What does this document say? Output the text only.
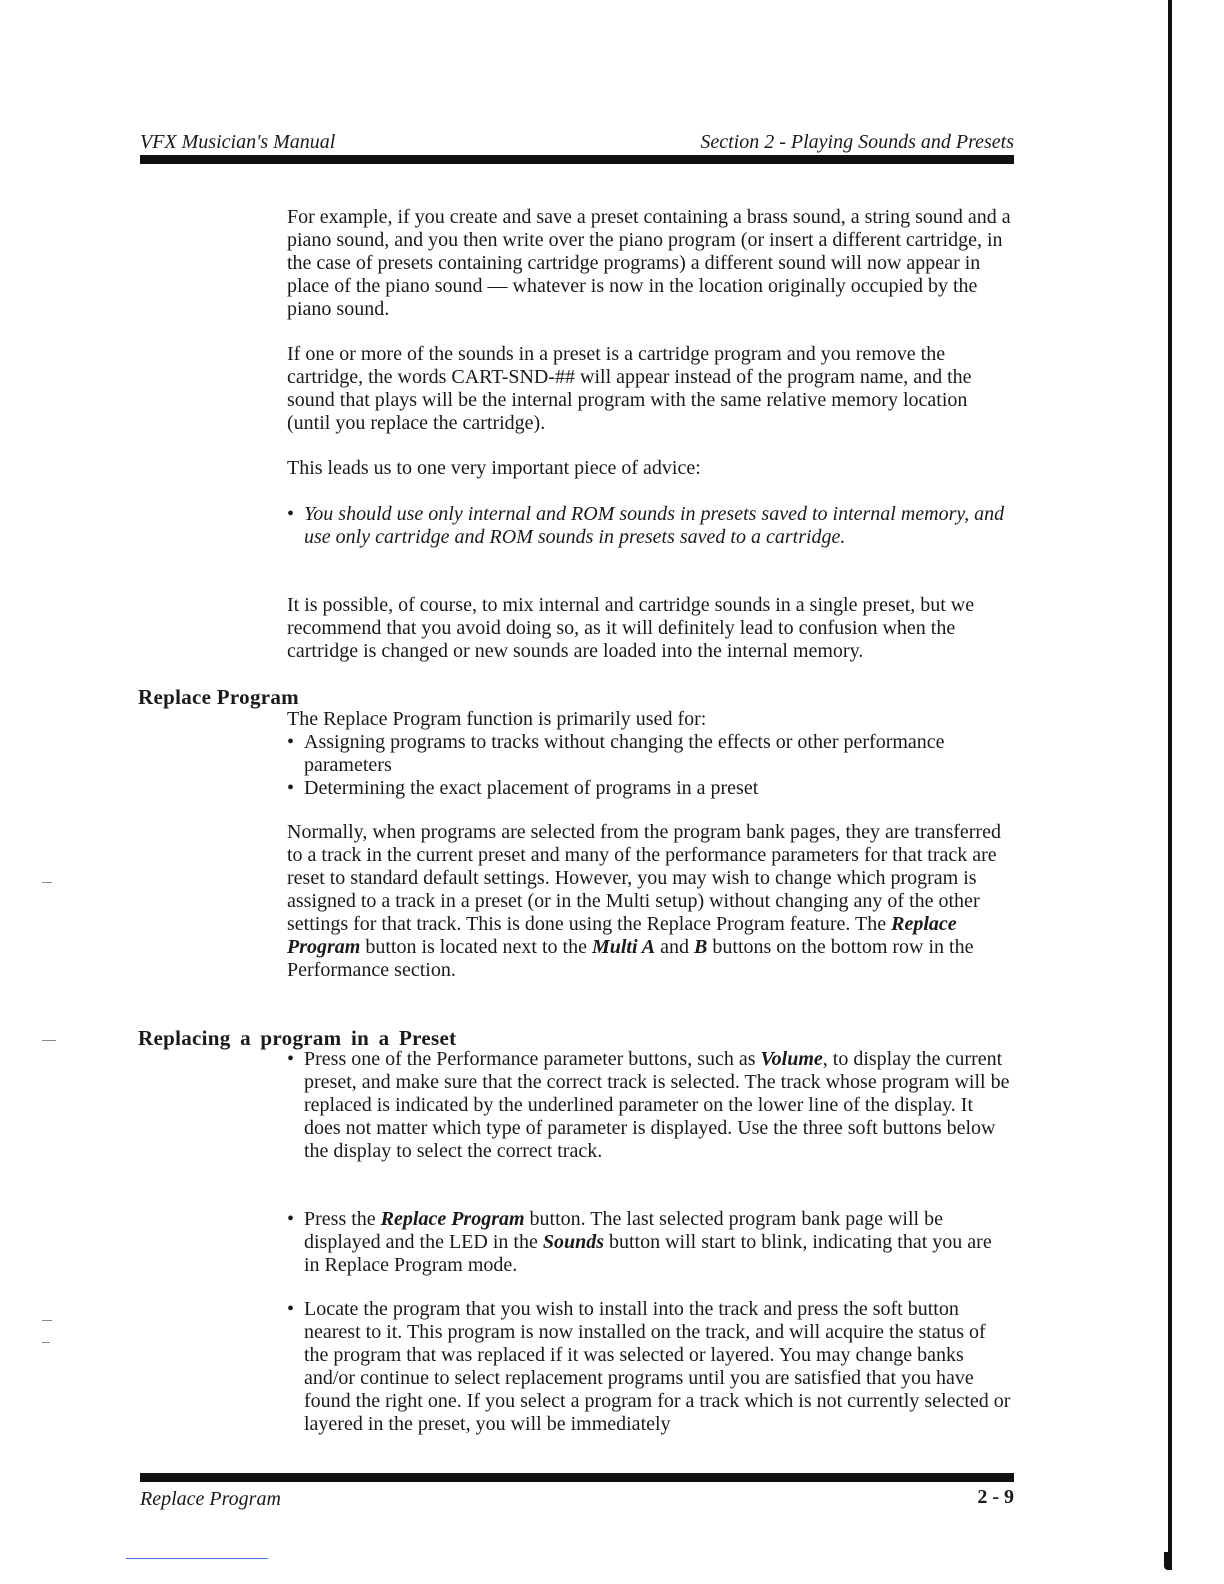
VFX Musician's Manual	Section 2 - Playing Sounds and Presets

For example, if you create and save a preset containing a brass sound, a string sound and a piano sound, and you then write over the piano program (or insert a different cartridge, in the case of presets containing cartridge programs) a different sound will now appear in place of the piano sound — whatever is now in the location originally occupied by the piano sound.

If one or more of the sounds in a preset is a cartridge program and you remove the cartridge, the words CART-SND-## will appear instead of the program name, and the sound that plays will be the internal program with the same relative memory location (until you replace the cartridge).

This leads us to one very important piece of advice:

• You should use only internal and ROM sounds in presets saved to internal memory, and use only cartridge and ROM sounds in presets saved to a cartridge.

It is possible, of course, to mix internal and cartridge sounds in a single preset, but we recommend that you avoid doing so, as it will definitely lead to confusion when the cartridge is changed or new sounds are loaded into the internal memory.

Replace Program

The Replace Program function is primarily used for:

• Assigning programs to tracks without changing the effects or other performance parameters
• Determining the exact placement of programs in a preset

Normally, when programs are selected from the program bank pages, they are transferred to a track in the current preset and many of the performance parameters for that track are reset to standard default settings. However, you may wish to change which program is assigned to a track in a preset (or in the Multi setup) without changing any of the other settings for that track. This is done using the Replace Program feature. The Replace Program button is located next to the Multi A and B buttons on the bottom row in the Performance section.

Replacing a program in a Preset
• Press one of the Performance parameter buttons, such as Volume, to display the current preset, and make sure that the correct track is selected. The track whose program will be replaced is indicated by the underlined parameter on the lower line of the display. It does not matter which type of parameter is displayed. Use the three soft buttons below the display to select the correct track.
• Press the Replace Program button. The last selected program bank page will be displayed and the LED in the Sounds button will start to blink, indicating that you are in Replace Program mode.
• Locate the program that you wish to install into the track and press the soft button nearest to it. This program is now installed on the track, and will acquire the status of the program that was replaced if it was selected or layered. You may change banks and/or continue to select replacement programs until you are satisfied that you have found the right one. If you select a program for a track which is not currently selected or layered in the preset, you will be immediately
Replace Program	2 - 9
